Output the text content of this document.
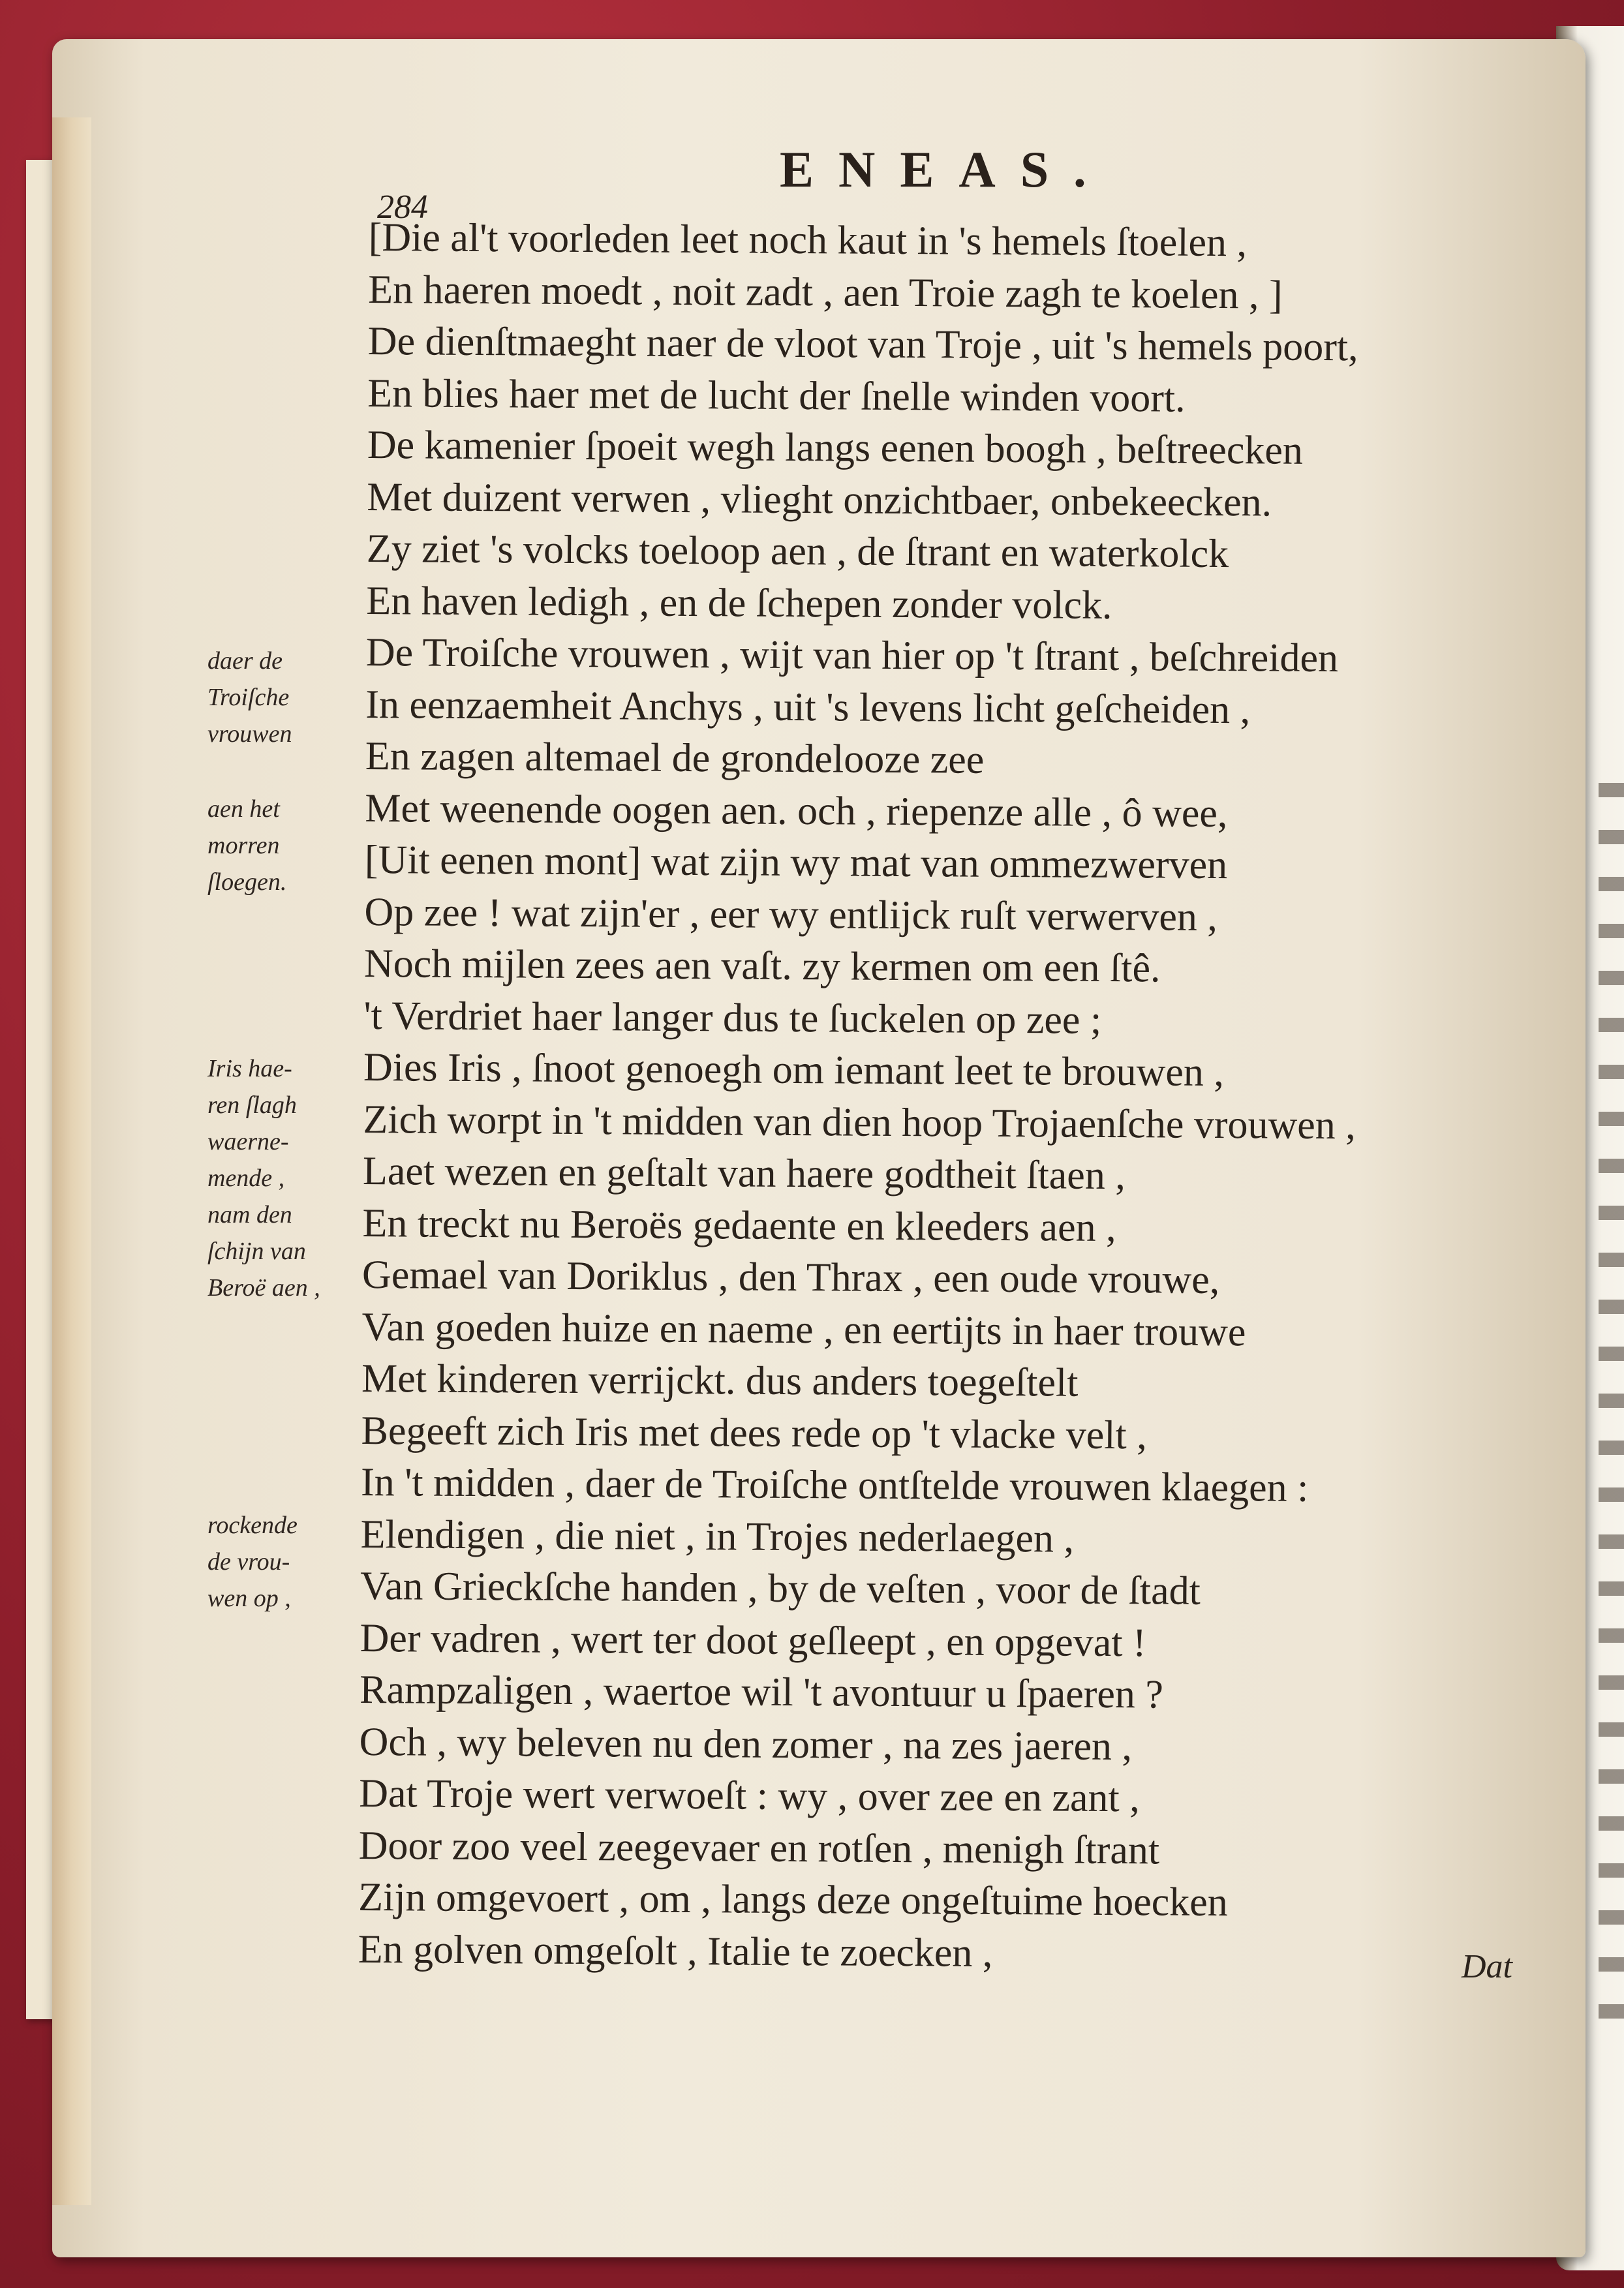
ENEAS.
284
[Die al't voorleden leet noch kaut in 's hemels ſtoelen ,
En haeren moedt , noit zadt , aen Troie zagh te koelen , ]
De dienſtmaeght naer de vloot van Troje , uit 's hemels poort,
En blies haer met de lucht der ſnelle winden voort.
De kamenier ſpoeit wegh langs eenen boogh , beſtreecken
Met duizent verwen , vlieght onzichtbaer, onbekeecken.
Zy ziet 's volcks toeloop aen , de ſtrant en waterkolck
En haven ledigh , en de ſchepen zonder volck.
De Troiſche vrouwen , wijt van hier op 't ſtrant , beſchreiden
In eenzaemheit Anchys , uit 's levens licht geſcheiden ,
En zagen altemael de grondelooze zee
Met weenende oogen aen. och , riepenze alle , ô wee,
[Uit eenen mont] wat zijn wy mat van ommezwerven
Op zee ! wat zijn'er , eer wy entlijck ruſt verwerven ,
Noch mijlen zees aen vaſt. zy kermen om een ſtê.
't Verdriet haer langer dus te ſuckelen op zee ;
Dies Iris , ſnoot genoegh om iemant leet te brouwen ,
Zich worpt in 't midden van dien hoop Trojaenſche vrouwen ,
Laet wezen en geſtalt van haere godtheit ſtaen ,
En treckt nu Beroës gedaente en kleeders aen ,
Gemael van Doriklus , den Thrax , een oude vrouwe,
Van goeden huize en naeme , en eertijts in haer trouwe
Met kinderen verrijckt. dus anders toegeſtelt
Begeeft zich Iris met dees rede op 't vlacke velt ,
In 't midden , daer de Troiſche ontſtelde vrouwen klaegen :
Elendigen , die niet , in Trojes nederlaegen ,
Van Grieckſche handen , by de veſten , voor de ſtadt
Der vadren , wert ter doot geſleept , en opgevat !
Rampzaligen , waertoe wil 't avontuur u ſpaeren ?
Och , wy beleven nu den zomer , na zes jaeren ,
Dat Troje wert verwoeſt : wy , over zee en zant ,
Door zoo veel zeegevaer en rotſen , menigh ſtrant
Zijn omgevoert , om , langs deze ongeſtuime hoecken
En golven omgeſolt , Italie te zoecken ,
daer de
Troiſche
vrouwen
aen het
morren
ſloegen.
Iris hae-
ren ſlagh
waerne-
mende ,
nam den
ſchijn van
Beroë aen ,
rockende
de vrou-
wen op ,
Dat
